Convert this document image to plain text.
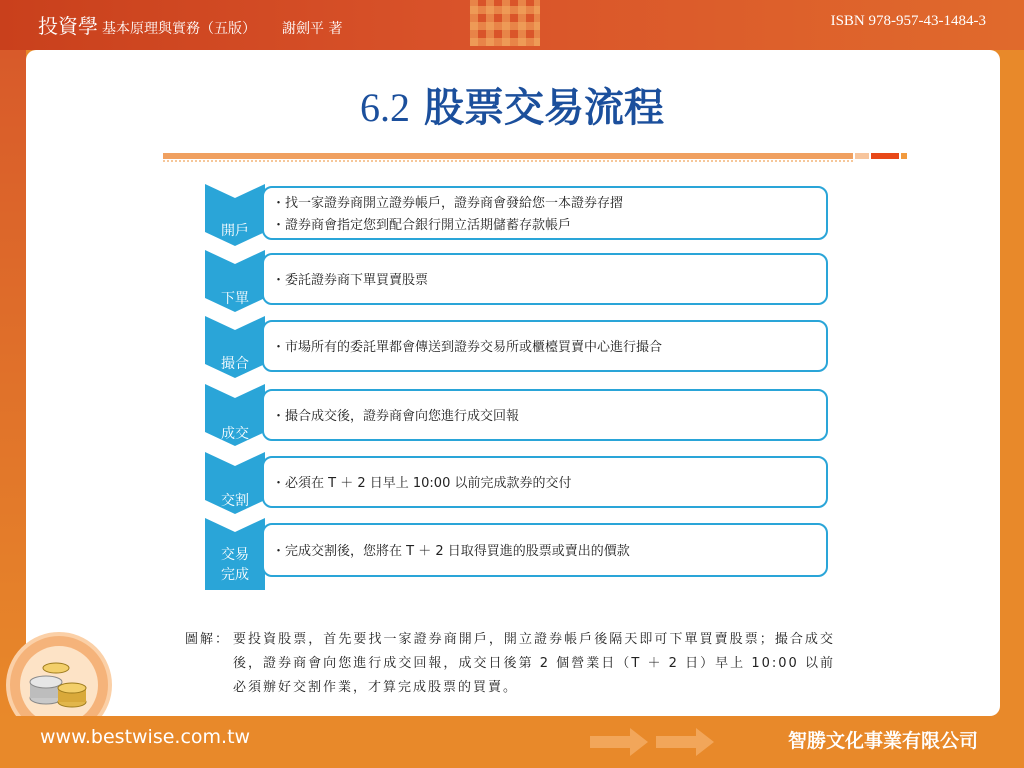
投資學 基本原理與實務（五版） 謝劍平 著	ISBN 978-957-43-1484-3
6.2 股票交易流程
開戶
・找一家證券商開立證券帳戶，證券商會發給您一本證券存摺
・證券商會指定您到配合銀行開立活期儲蓄存款帳戶
下單
・委託證券商下單買賣股票
撮合
・市場所有的委託單都會傳送到證券交易所或櫃檯買賣中心進行撮合
成交
・撮合成交後，證券商會向您進行成交回報
交割
・必須在 T ＋ 2 日早上 10:00 以前完成款券的交付
交易
完成
・完成交割後，您將在 T ＋ 2 日取得買進的股票或賣出的價款
圖解： 要投資股票，首先要找一家證券商開戶，開立證券帳戶後隔天即可下單買賣股票；撮合成交後，證券商會向您進行成交回報，成交日後第 2 個營業日（T ＋ 2 日）早上 10:00 以前必須辦好交割作業，才算完成股票的買賣。
www.bestwise.com.tw	智勝文化事業有限公司
